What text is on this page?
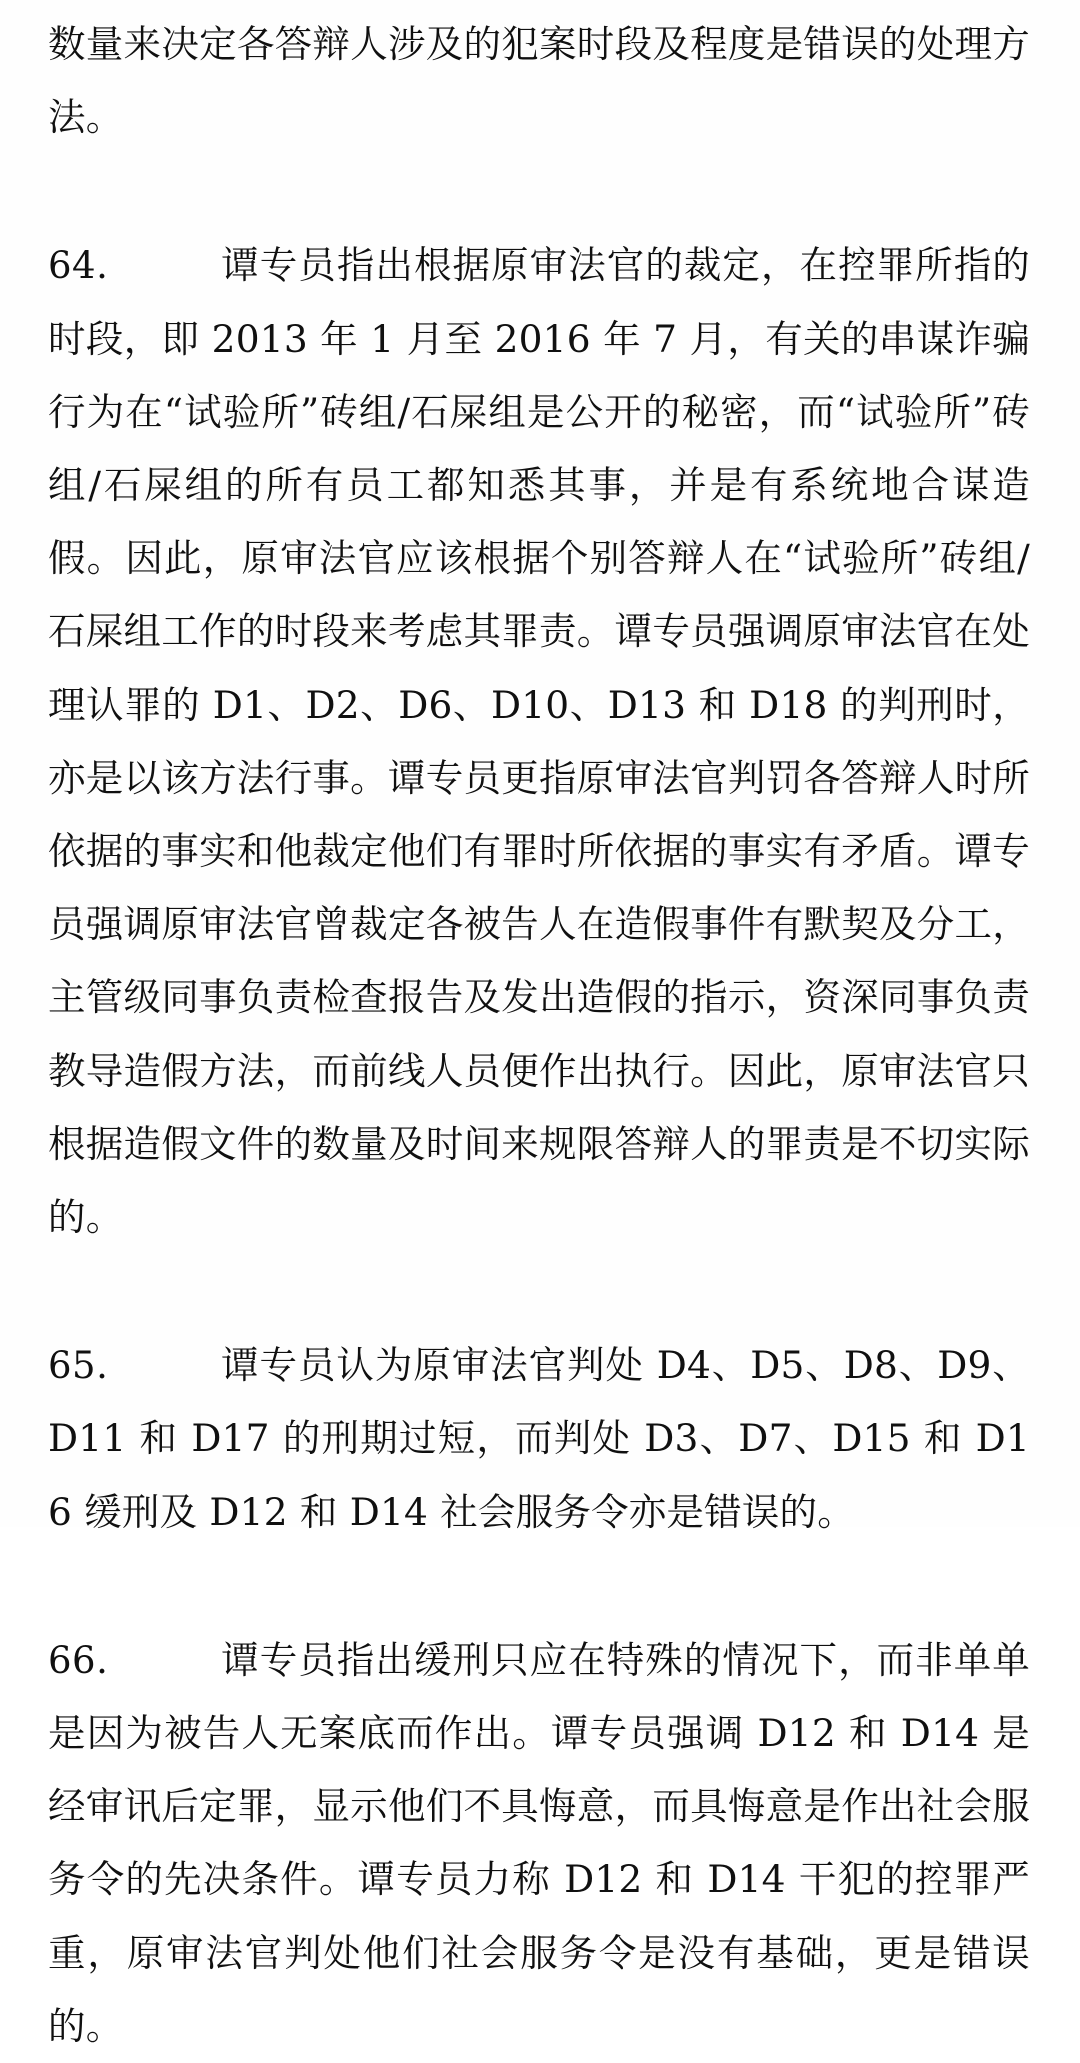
数量来决定各答辩人涉及的犯案时段及程度是错误的处理方法。

64.	谭专员指出根据原审法官的裁定，在控罪所指的时段，即 2013 年 1 月至 2016 年 7 月，有关的串谋诈骗行为在“试验所”砖组/石屎组是公开的秘密，而“试验所”砖组/石屎组的所有员工都知悉其事，并是有系统地合谋造假。因此，原审法官应该根据个别答辩人在“试验所”砖组/石屎组工作的时段来考虑其罪责。谭专员强调原审法官在处理认罪的 D1、D2、D6、D10、D13 和 D18 的判刑时，亦是以该方法行事。谭专员更指原审法官判罚各答辩人时所依据的事实和他裁定他们有罪时所依据的事实有矛盾。谭专员强调原审法官曾裁定各被告人在造假事件有默契及分工，主管级同事负责检查报告及发出造假的指示，资深同事负责教导造假方法，而前线人员便作出执行。因此，原审法官只根据造假文件的数量及时间来规限答辩人的罪责是不切实际的。

65.	谭专员认为原审法官判处 D4、D5、D8、D9、D11 和 D17 的刑期过短，而判处 D3、D7、D15 和 D16 缓刑及 D12 和 D14 社会服务令亦是错误的。

66.	谭专员指出缓刑只应在特殊的情况下，而非单单是因为被告人无案底而作出。谭专员强调 D12 和 D14 是经审讯后定罪，显示他们不具悔意，而具悔意是作出社会服务令的先决条件。谭专员力称 D12 和 D14 干犯的控罪严重，原审法官判处他们社会服务令是没有基础，更是错误的。
